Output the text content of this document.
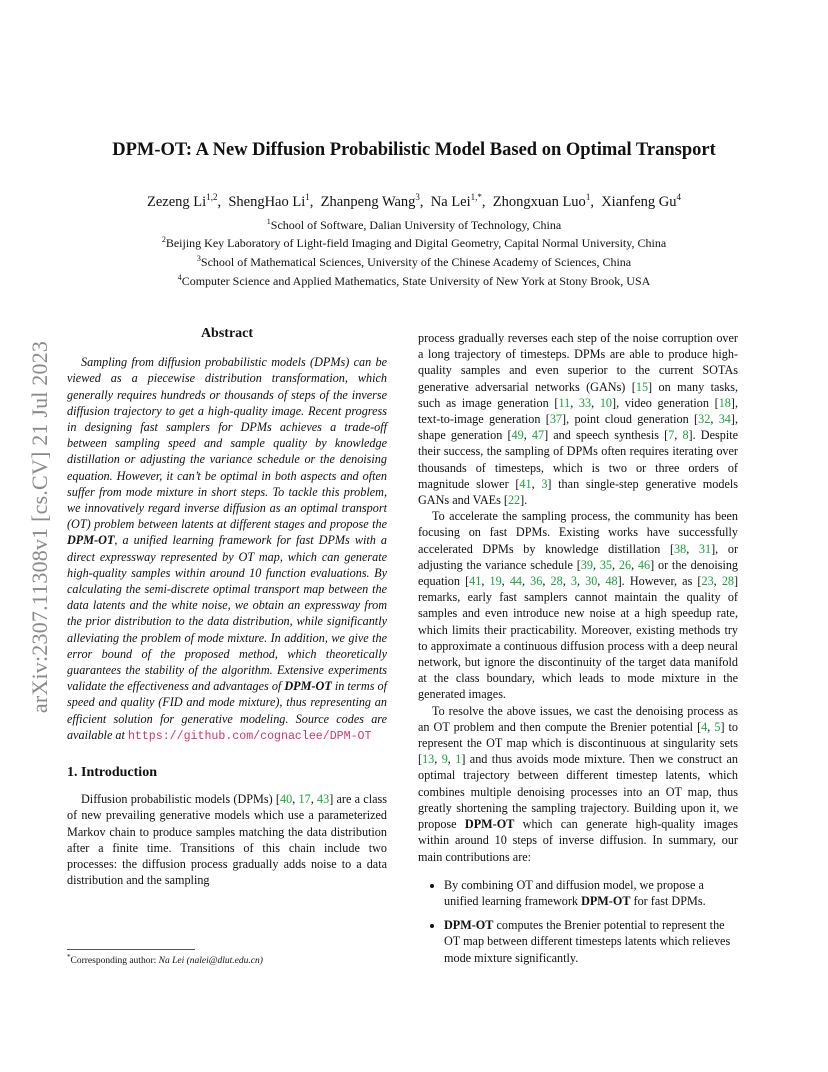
arXiv:2307.11308v1 [cs.CV] 21 Jul 2023
DPM-OT: A New Diffusion Probabilistic Model Based on Optimal Transport
Zezeng Li$^{1,2}$, ShengHao Li$^1$, Zhanpeng Wang$^3$, Na Lei$^{1,*}$, Zhongxuan Luo$^1$, Xianfeng Gu$^4$
$^1$School of Software, Dalian University of Technology, China
$^2$Beijing Key Laboratory of Light-field Imaging and Digital Geometry, Capital Normal University, China
$^3$School of Mathematical Sciences, University of the Chinese Academy of Sciences, China
$^4$Computer Science and Applied Mathematics, State University of New York at Stony Brook, USA
Abstract

Sampling from diffusion probabilistic models (DPMs) can be viewed as a piecewise distribution transformation, which generally requires hundreds or thousands of steps of the inverse diffusion trajectory to get a high-quality image. Recent progress in designing fast samplers for DPMs achieves a trade-off between sampling speed and sample quality by knowledge distillation or adjusting the variance schedule or the denoising equation. However, it can’t be optimal in both aspects and often suffer from mode mixture in short steps. To tackle this problem, we innovatively regard inverse diffusion as an optimal transport (OT) problem between latents at different stages and propose the DPM-OT, a unified learning framework for fast DPMs with a direct expressway represented by OT map, which can generate high-quality samples within around 10 function evaluations. By calculating the semi-discrete optimal transport map between the data latents and the white noise, we obtain an expressway from the prior distribution to the data distribution, while significantly alleviating the problem of mode mixture. In addition, we give the error bound of the proposed method, which theoretically guarantees the stability of the algorithm. Extensive experiments validate the effectiveness and advantages of DPM-OT in terms of speed and quality (FID and mode mixture), thus representing an efficient solution for generative modeling. Source codes are available at https://github.com/cognaclee/DPM-OT

1. Introduction

Diffusion probabilistic models (DPMs) [40, 17, 43] are a class of new prevailing generative models which use a parameterized Markov chain to produce samples matching the data distribution after a finite time. Transitions of this chain include two processes: the diffusion process gradually adds noise to a data distribution and the sampling

process gradually reverses each step of the noise corruption over a long trajectory of timesteps. DPMs are able to produce high-quality samples and even superior to the current SOTAs generative adversarial networks (GANs) [15] on many tasks, such as image generation [11, 33, 10], video generation [18], text-to-image generation [37], point cloud generation [32, 34], shape generation [49, 47] and speech synthesis [7, 8]. Despite their success, the sampling of DPMs often requires iterating over thousands of timesteps, which is two or three orders of magnitude slower [41, 3] than single-step generative models GANs and VAEs [22].

To accelerate the sampling process, the community has been focusing on fast DPMs. Existing works have successfully accelerated DPMs by knowledge distillation [38, 31], or adjusting the variance schedule [39, 35, 26, 46] or the denoising equation [41, 19, 44, 36, 28, 3, 30, 48]. However, as [23, 28] remarks, early fast samplers cannot maintain the quality of samples and even introduce new noise at a high speedup rate, which limits their practicability. Moreover, existing methods try to approximate a continuous diffusion process with a deep neural network, but ignore the discontinuity of the target data manifold at the class boundary, which leads to mode mixture in the generated images.

To resolve the above issues, we cast the denoising process as an OT problem and then compute the Brenier potential [4, 5] to represent the OT map which is discontinuous at singularity sets [13, 9, 1] and thus avoids mode mixture. Then we construct an optimal trajectory between different timestep latents, which combines multiple denoising processes into an OT map, thus greatly shortening the sampling trajectory. Building upon it, we propose DPM-OT which can generate high-quality images within around 10 steps of inverse diffusion. In summary, our main contributions are:

• By combining OT and diffusion model, we propose a unified learning framework DPM-OT for fast DPMs.
• DPM-OT computes the Brenier potential to represent the OT map between different timesteps latents which relieves mode mixture significantly.
*Corresponding author: Na Lei (nalei@dlut.edu.cn)
